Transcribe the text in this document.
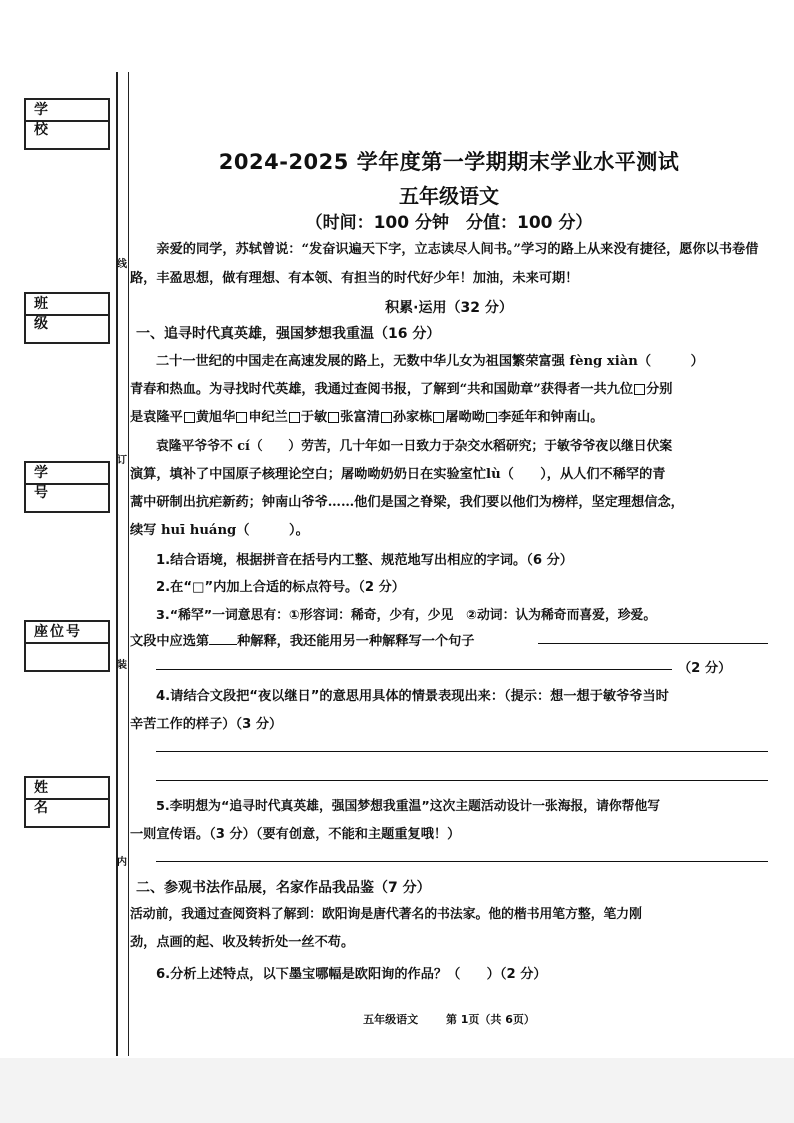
学 校
班 级
学 号
座位号
姓 名
线
订
装
内
2024-2025 学年度第一学期期末学业水平测试
五年级语文
（时间：100 分钟　分值：100 分）
亲爱的同学，苏轼曾说：“发奋识遍天下字，立志读尽人间书。”学习的路上从来没有捷径，愿你以书卷借路，丰盈思想，做有理想、有本领、有担当的时代好少年！加油，未来可期！
积累·运用（32 分）
一、追寻时代真英雄，强国梦想我重温（16 分）
二十一世纪的中国走在高速发展的路上，无数中华儿女为祖国繁荣富强 fèng xiàn（　　　）
青春和热血。为寻找时代英雄，我通过查阅书报，了解到“共和国勋章”获得者一共九位 分别
是袁隆平 黄旭华 申纪兰 于敏 张富清 孙家栋 屠呦呦 李延年和钟南山。
袁隆平爷爷不 cí（　　）劳苦，几十年如一日致力于杂交水稻研究；于敏爷爷夜以继日伏案
演算，填补了中国原子核理论空白；屠呦呦奶奶日在实验室忙lù（　　），从人们不稀罕的青
蒿中研制出抗疟新药；钟南山爷爷……他们是国之脊梁，我们要以他们为榜样，坚定理想信念，
续写 huī huáng（　　　）。
1.结合语境，根据拼音在括号内工整、规范地写出相应的字词。（6 分）
2.在“□”内加上合适的标点符号。（2 分）
3.“稀罕”一词意思有：①形容词：稀奇，少有，少见　②动词：认为稀奇而喜爱，珍爱。
文段中应选第 种解释，我还能用另一种解释写一个句子
（2 分）
4.请结合文段把“夜以继日”的意思用具体的情景表现出来：（提示：想一想于敏爷爷当时
辛苦工作的样子）（3 分）
5.李明想为“追寻时代真英雄，强国梦想我重温”这次主题活动设计一张海报，请你帮他写
一则宣传语。（3 分）（要有创意，不能和主题重复哦！）
二、参观书法作品展，名家作品我品鉴（7 分）
活动前，我通过查阅资料了解到：欧阳询是唐代著名的书法家。他的楷书用笔方整，笔力刚
劲，点画的起、收及转折处一丝不苟。
6.分析上述特点，以下墨宝哪幅是欧阳询的作品？（　　）（2 分）
五年级语文	第 1页（共 6页）
